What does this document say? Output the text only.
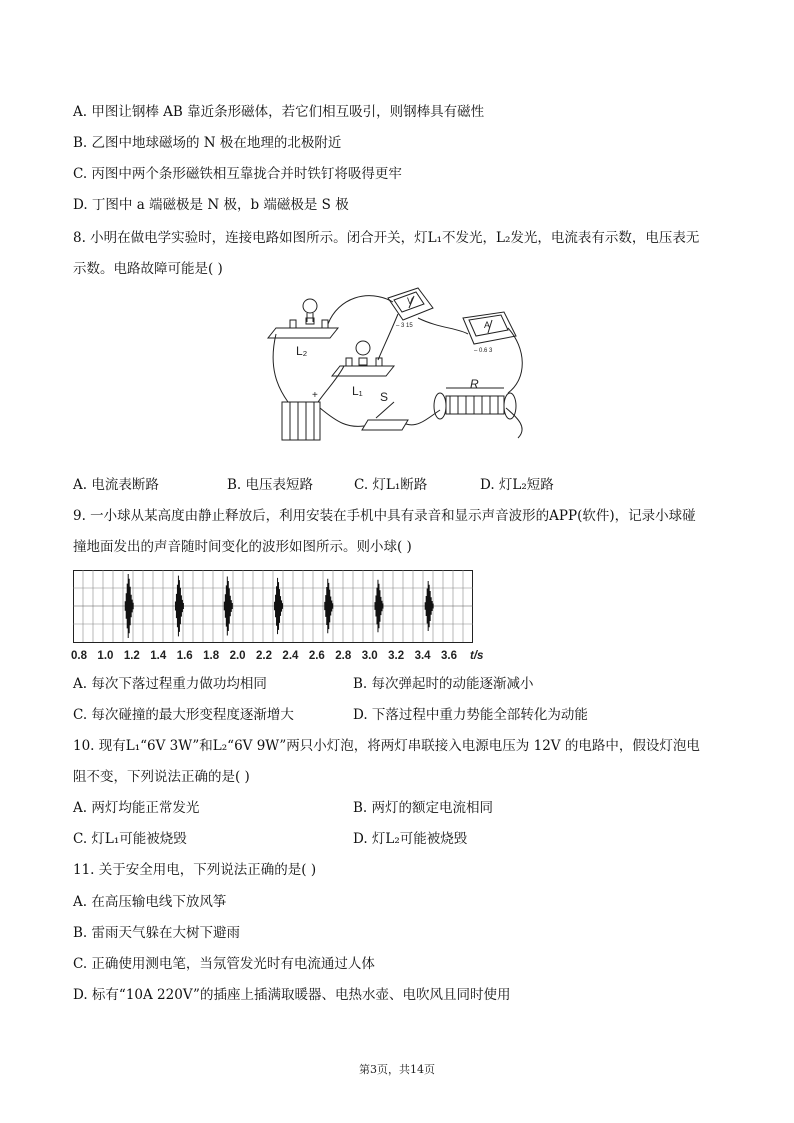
A. 甲图让钢棒 AB 靠近条形磁体，若它们相互吸引，则钢棒具有磁性
B. 乙图中地球磁场的 N 极在地理的北极附近
C. 丙图中两个条形磁铁相互靠拢合并时铁钉将吸得更牢
D. 丁图中 a 端磁极是 N 极，b 端磁极是 S 极
8. 小明在做电学实验时，连接电路如图所示。闭合开关，灯L₁不发光，L₂发光，电流表有示数，电压表无
示数。电路故障可能是( )
L₂
L₁ S
R
V
A
– 3 15
– 0.6 3
+
A. 电流表断路	B. 电压表短路	C. 灯L₁断路	D. 灯L₂短路
9. 一小球从某高度由静止释放后，利用安装在手机中具有录音和显示声音波形的APP(软件)，记录小球碰
撞地面发出的声音随时间变化的波形如图所示。则小球( )
0.8 1.0 1.2 1.4 1.6 1.8 2.0 2.2 2.4 2.6 2.8 3.0 3.2 3.4 3.6 t/s
A. 每次下落过程重力做功均相同	B. 每次弹起时的动能逐渐减小
C. 每次碰撞的最大形变程度逐渐增大	D. 下落过程中重力势能全部转化为动能
10. 现有L₁“6V 3W”和L₂“6V 9W”两只小灯泡，将两灯串联接入电源电压为 12V 的电路中，假设灯泡电
阻不变，下列说法正确的是( )
A. 两灯均能正常发光	B. 两灯的额定电流相同
C. 灯L₁可能被烧毁	D. 灯L₂可能被烧毁
11. 关于安全用电，下列说法正确的是( )
A. 在高压输电线下放风筝
B. 雷雨天气躲在大树下避雨
C. 正确使用测电笔，当氖管发光时有电流通过人体
D. 标有“10A 220V”的插座上插满取暖器、电热水壶、电吹风且同时使用
第3页，共14页
